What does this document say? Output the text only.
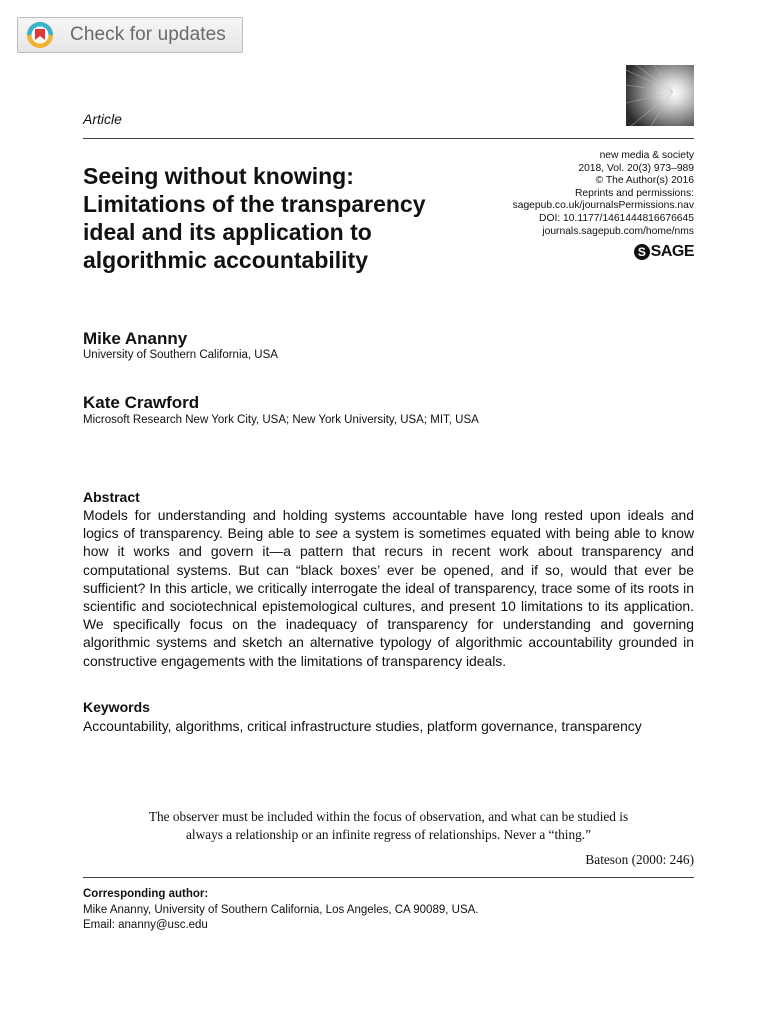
Check for updates
Article
Seeing without knowing:
Limitations of the transparency
ideal and its application to
algorithmic accountability
new media & society
2018, Vol. 20(3) 973–989
© The Author(s) 2016
Reprints and permissions:
sagepub.co.uk/journalsPermissions.nav
DOI: 10.1177/1461444816676645
journals.sagepub.com/home/nms
S SAGE

Mike Ananny

University of Southern California, USA

Kate Crawford

Microsoft Research New York City, USA; New York University, USA; MIT, USA

Abstract

Models for understanding and holding systems accountable have long rested upon ideals and logics of transparency. Being able to see a system is sometimes equated with being able to know how it works and govern it—a pattern that recurs in recent work about transparency and computational systems. But can “black boxes’ ever be opened, and if so, would that ever be sufficient? In this article, we critically interrogate the ideal of transparency, trace some of its roots in scientific and sociotechnical epistemological cultures, and present 10 limitations to its application. We specifically focus on the inadequacy of transparency for understanding and governing algorithmic systems and sketch an alternative typology of algorithmic accountability grounded in constructive engagements with the limitations of transparency ideals.

Keywords

Accountability, algorithms, critical infrastructure studies, platform governance, transparency

The observer must be included within the focus of observation, and what can be studied is
always a relationship or an infinite regress of relationships. Never a “thing.”

Bateson (2000: 246)
Corresponding author:
Mike Ananny, University of Southern California, Los Angeles, CA 90089, USA.
Email: ananny@usc.edu
